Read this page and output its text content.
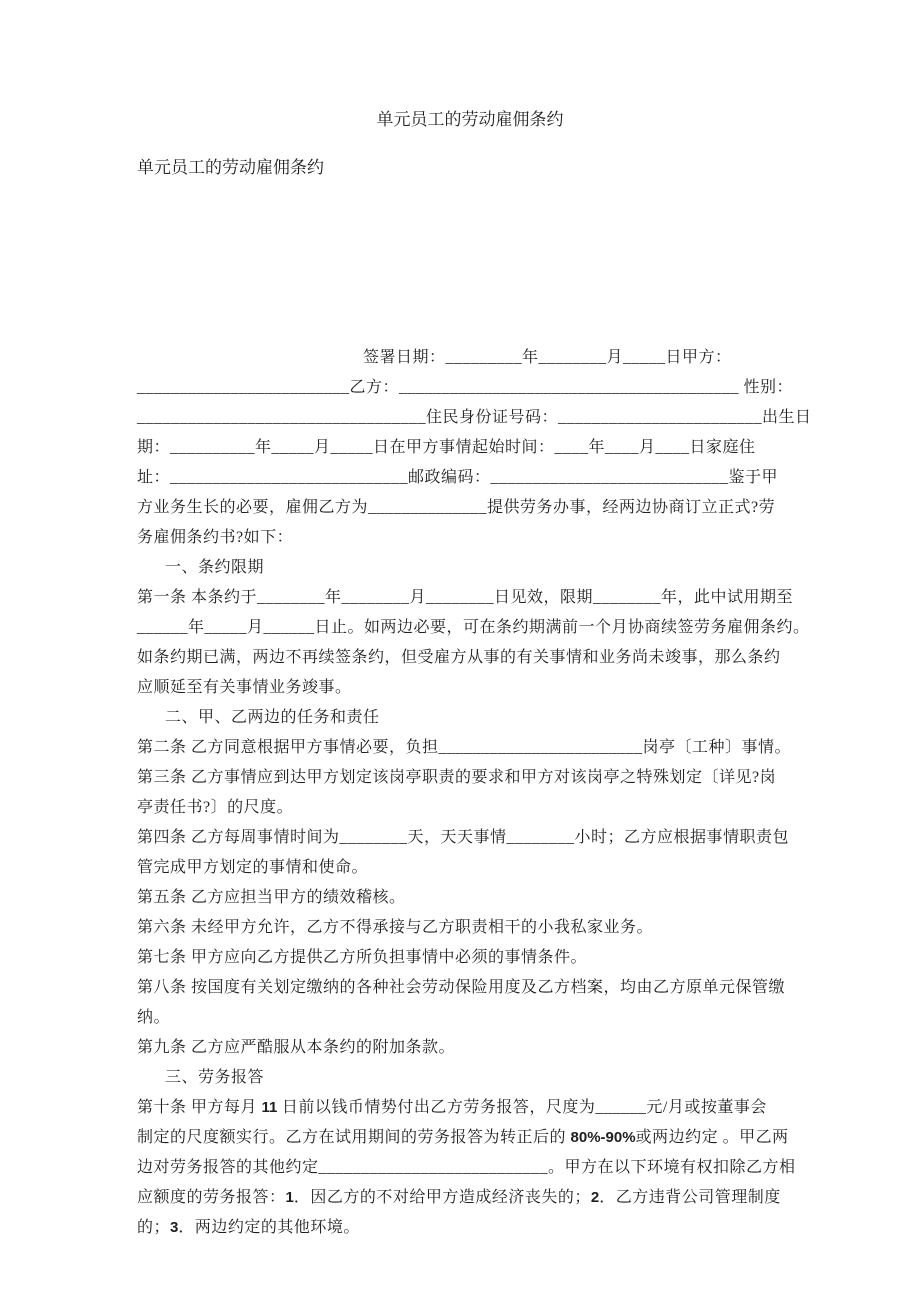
单元员工的劳动雇佣条约
单元员工的劳动雇佣条约
签署日期：_________年________月_____日甲方：
_________________________乙方：________________________________________ 性别：
__________________________________住民身份证号码：________________________出生日
期：__________年_____月_____日在甲方事情起始时间：____年____月____日家庭住
址：____________________________邮政编码：____________________________鉴于甲
方业务生长的必要，雇佣乙方为______________提供劳务办事，经两边协商订立正式?劳
务雇佣条约书?如下：
一、条约限期
第一条 本条约于________年________月________日见效，限期________年，此中试用期至
______年_____月______日止。如两边必要，可在条约期满前一个月协商续签劳务雇佣条约。
如条约期已满，两边不再续签条约，但受雇方从事的有关事情和业务尚未竣事，那么条约
应顺延至有关事情业务竣事。
二、甲、乙两边的任务和责任
第二条 乙方同意根据甲方事情必要，负担________________________岗亭〔工种〕事情。
第三条 乙方事情应到达甲方划定该岗亭职责的要求和甲方对该岗亭之特殊划定〔详见?岗
亭责任书?〕的尺度。
第四条 乙方每周事情时间为________天，天天事情________小时；乙方应根据事情职责包
管完成甲方划定的事情和使命。
第五条 乙方应担当甲方的绩效稽核。
第六条 未经甲方允许，乙方不得承接与乙方职责相干的小我私家业务。
第七条 甲方应向乙方提供乙方所负担事情中必须的事情条件。
第八条 按国度有关划定缴纳的各种社会劳动保险用度及乙方档案，均由乙方原单元保管缴
纳。
第九条 乙方应严酷服从本条约的附加条款。
三、劳务报答
第十条 甲方每月 11 日前以钱币情势付出乙方劳务报答，尺度为______元/月或按董事会
制定的尺度额实行。乙方在试用期间的劳务报答为转正后的 80%-90%或两边约定 。甲乙两
边对劳务报答的其他约定___________________________。甲方在以下环境有权扣除乙方相
应额度的劳务报答：1．因乙方的不对给甲方造成经济丧失的；2．乙方违背公司管理制度
的；3．两边约定的其他环境。
